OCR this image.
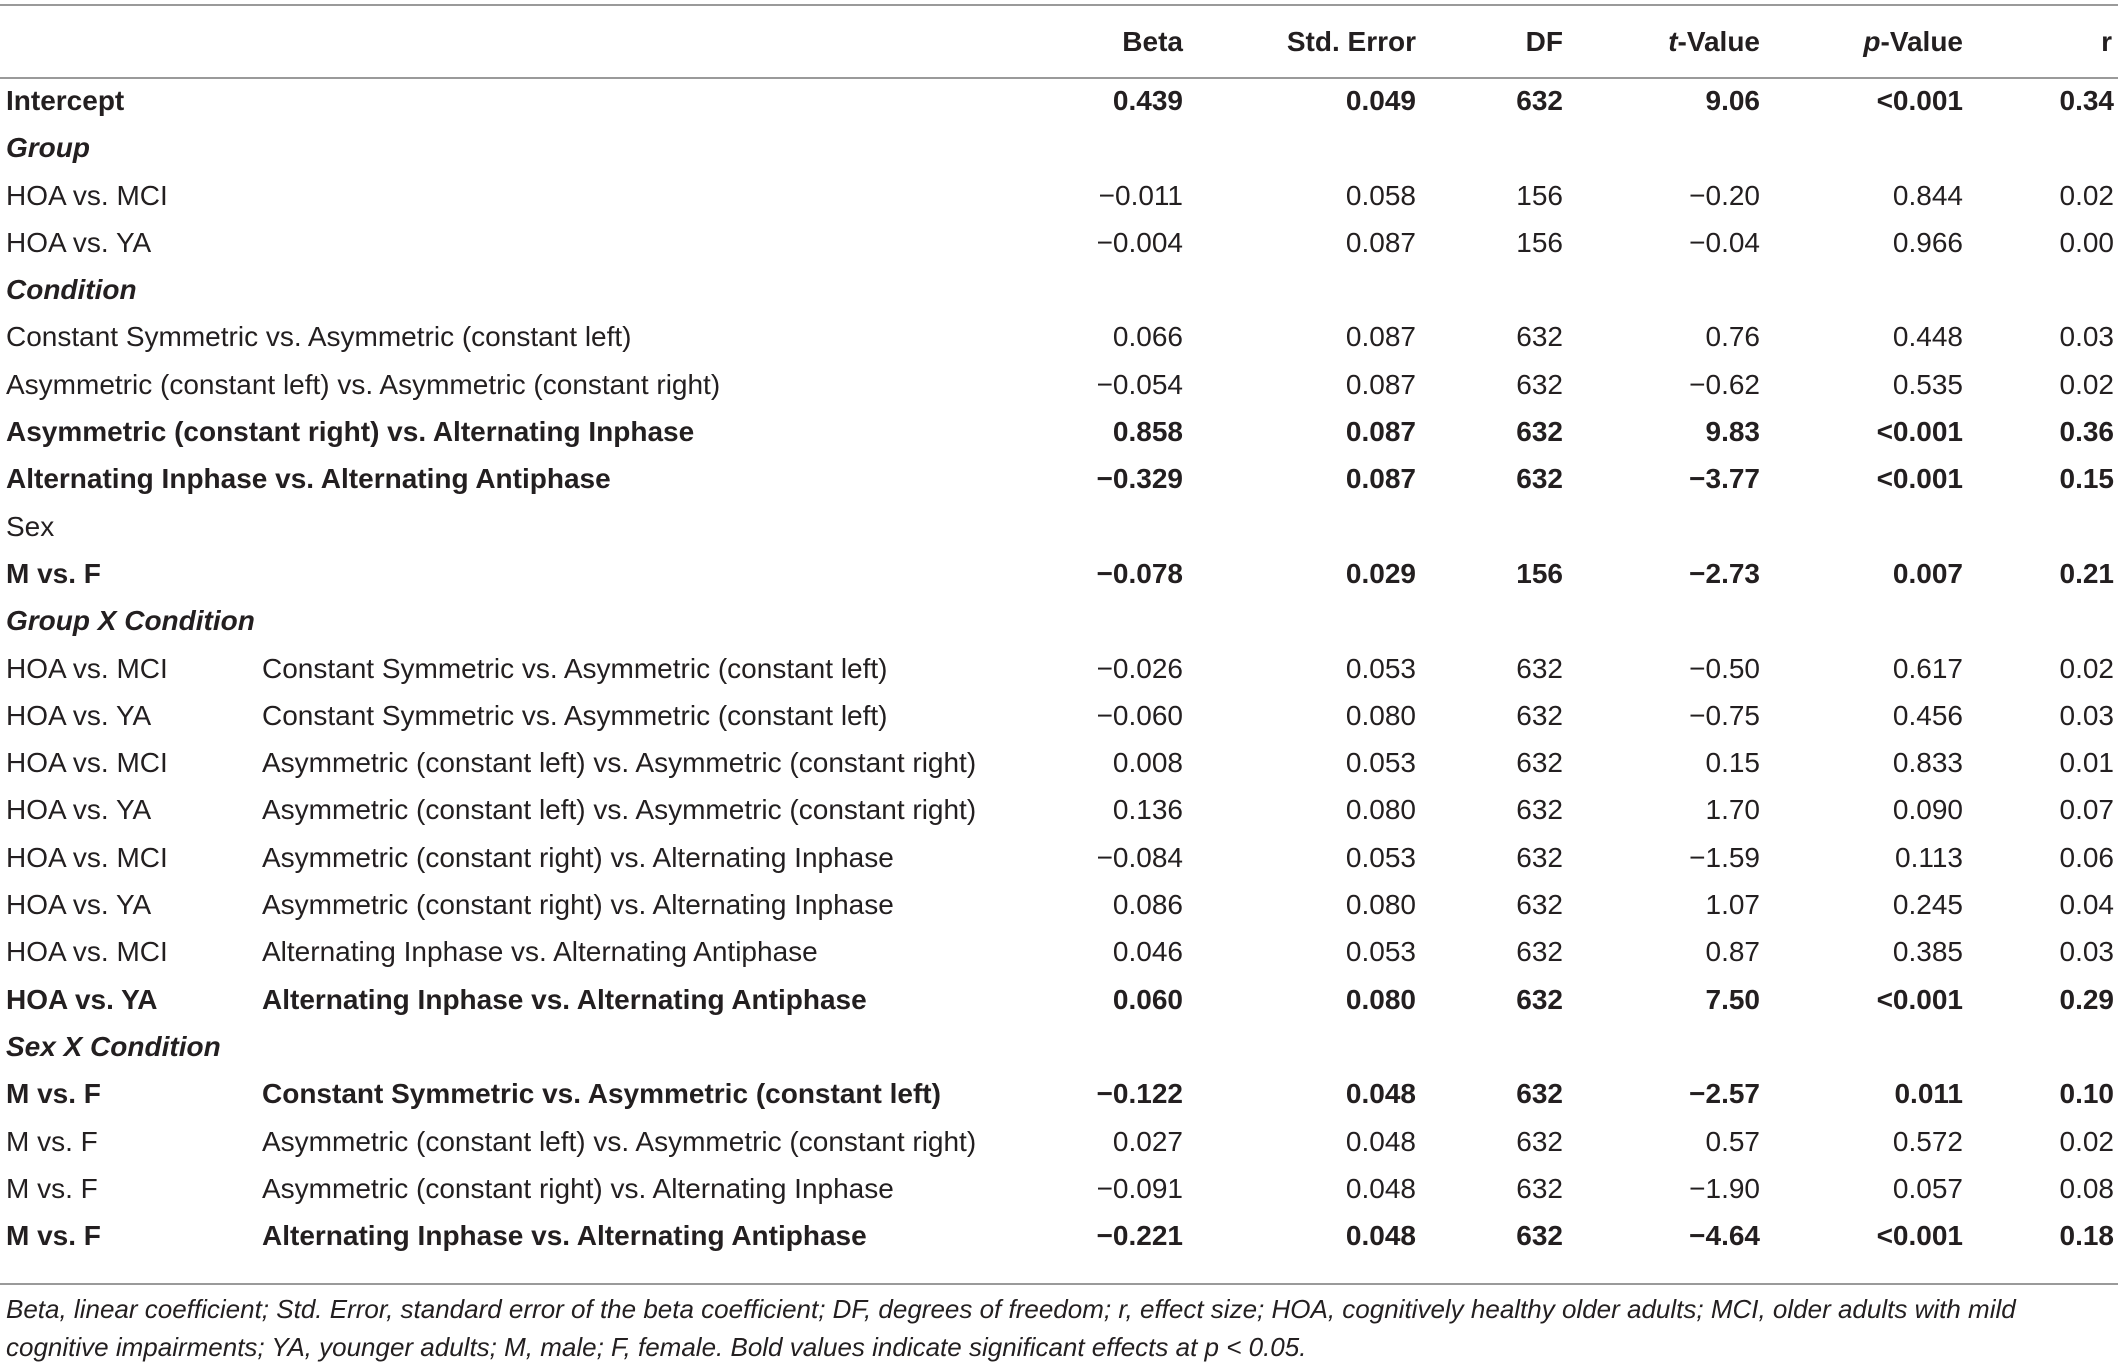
		Beta	Std. Error	DF	t-Value	p-Value	r
Intercept		0.439	0.049	632	9.06	<0.001	0.34
Group							
HOA vs. MCI		−0.011	0.058	156	−0.20	0.844	0.02
HOA vs. YA		−0.004	0.087	156	−0.04	0.966	0.00
Condition							
Constant Symmetric vs. Asymmetric (constant left)		0.066	0.087	632	0.76	0.448	0.03
Asymmetric (constant left) vs. Asymmetric (constant right)		−0.054	0.087	632	−0.62	0.535	0.02
Asymmetric (constant right) vs. Alternating Inphase		0.858	0.087	632	9.83	<0.001	0.36
Alternating Inphase vs. Alternating Antiphase		−0.329	0.087	632	−3.77	<0.001	0.15
Sex							
M vs. F		−0.078	0.029	156	−2.73	0.007	0.21
Group X Condition							
HOA vs. MCI	Constant Symmetric vs. Asymmetric (constant left)	−0.026	0.053	632	−0.50	0.617	0.02
HOA vs. YA	Constant Symmetric vs. Asymmetric (constant left)	−0.060	0.080	632	−0.75	0.456	0.03
HOA vs. MCI	Asymmetric (constant left) vs. Asymmetric (constant right)	0.008	0.053	632	0.15	0.833	0.01
HOA vs. YA	Asymmetric (constant left) vs. Asymmetric (constant right)	0.136	0.080	632	1.70	0.090	0.07
HOA vs. MCI	Asymmetric (constant right) vs. Alternating Inphase	−0.084	0.053	632	−1.59	0.113	0.06
HOA vs. YA	Asymmetric (constant right) vs. Alternating Inphase	0.086	0.080	632	1.07	0.245	0.04
HOA vs. MCI	Alternating Inphase vs. Alternating Antiphase	0.046	0.053	632	0.87	0.385	0.03
HOA vs. YA	Alternating Inphase vs. Alternating Antiphase	0.060	0.080	632	7.50	<0.001	0.29
Sex X Condition							
M vs. F	Constant Symmetric vs. Asymmetric (constant left)	−0.122	0.048	632	−2.57	0.011	0.10
M vs. F	Asymmetric (constant left) vs. Asymmetric (constant right)	0.027	0.048	632	0.57	0.572	0.02
M vs. F	Asymmetric (constant right) vs. Alternating Inphase	−0.091	0.048	632	−1.90	0.057	0.08
M vs. F	Alternating Inphase vs. Alternating Antiphase	−0.221	0.048	632	−4.64	<0.001	0.18
Beta, linear coefficient; Std. Error, standard error of the beta coefficient; DF, degrees of freedom; r, effect size; HOA, cognitively healthy older adults; MCI, older adults with mild cognitive impairments; YA, younger adults; M, male; F, female. Bold values indicate significant effects at p < 0.05.
